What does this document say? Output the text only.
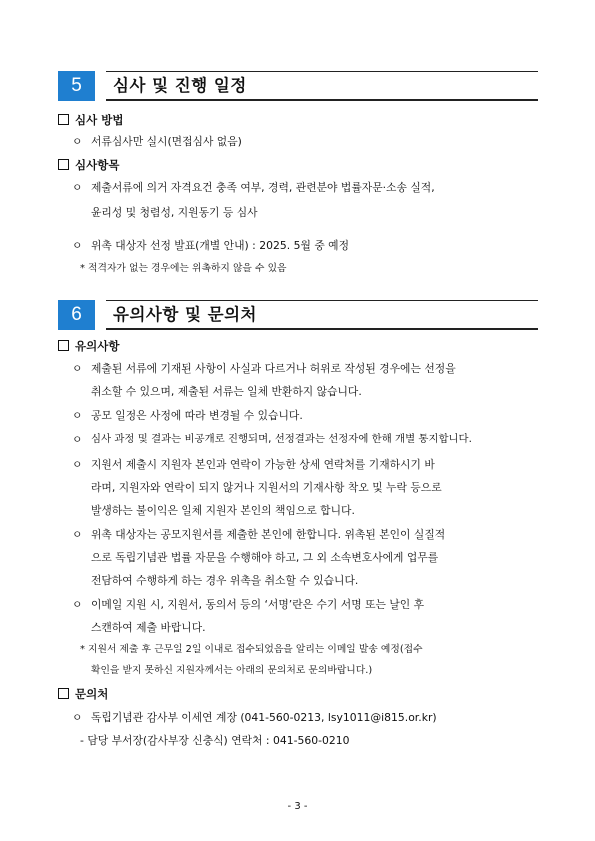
5	심사 및 진행 일정
심사 방법
ㅇ 서류심사만 실시(면접심사 없음)
심사항목
ㅇ 제출서류에 의거 자격요건 충족 여부, 경력, 관련분야 법률자문·소송 실적,
윤리성 및 청렴성, 지원동기 등 심사
ㅇ 위촉 대상자 선정 발표(개별 안내) : 2025. 5월 중 예정
* 적격자가 없는 경우에는 위촉하지 않을 수 있음
6	유의사항 및 문의처
유의사항
ㅇ 제출된 서류에 기재된 사항이 사실과 다르거나 허위로 작성된 경우에는 선정을
취소할 수 있으며, 제출된 서류는 일체 반환하지 않습니다.
ㅇ 공모 일정은 사정에 따라 변경될 수 있습니다.
ㅇ 심사 과정 및 결과는 비공개로 진행되며, 선정결과는 선정자에 한해 개별 통지합니다.
ㅇ 지원서 제출시 지원자 본인과 연락이 가능한 상세 연락처를 기재하시기 바
라며, 지원자와 연락이 되지 않거나 지원서의 기재사항 착오 및 누락 등으로
발생하는 불이익은 일체 지원자 본인의 책임으로 합니다.
ㅇ 위촉 대상자는 공모지원서를 제출한 본인에 한합니다. 위촉된 본인이 실질적
으로 독립기념관 법률 자문을 수행해야 하고, 그 외 소속변호사에게 업무를
전담하여 수행하게 하는 경우 위촉을 취소할 수 있습니다.
ㅇ 이메일 지원 시, 지원서, 동의서 등의 ‘서명’란은 수기 서명 또는 날인 후
스캔하여 제출 바랍니다.
* 지원서 제출 후 근무일 2일 이내로 접수되었음을 알리는 이메일 발송 예정(접수
확인을 받지 못하신 지원자께서는 아래의 문의처로 문의바랍니다.)
문의처
ㅇ 독립기념관 감사부 이세연 계장 (041-560-0213, lsy1011@i815.or.kr)
- 담당 부서장(감사부장 신충식) 연락처 : 041-560-0210
- 3 -
